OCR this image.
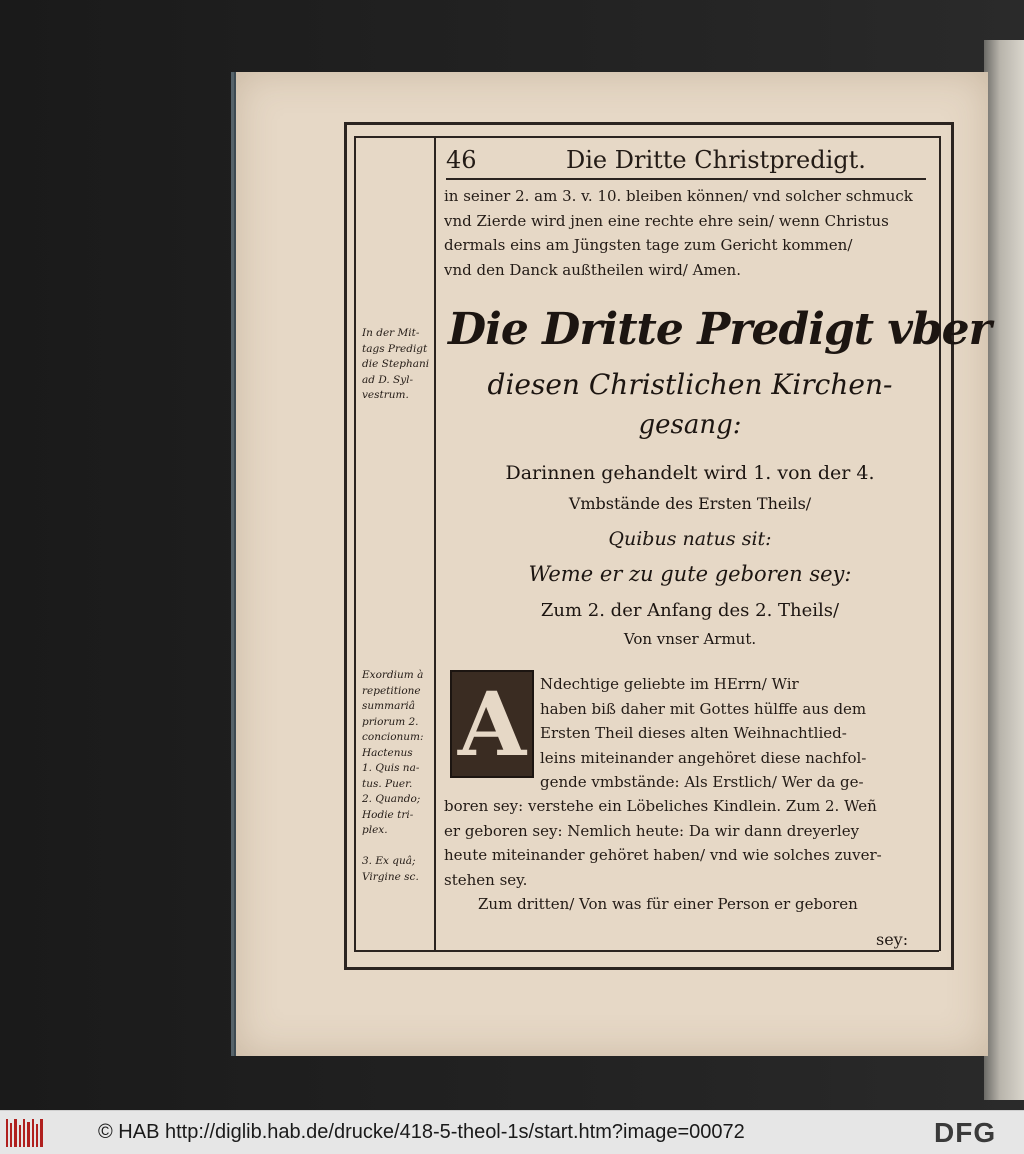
46	Die Dritte Christpredigt.
in seiner 2. am 3. v. 10. bleiben können/ vnd solcher schmuck
vnd Zierde wird jnen eine rechte ehre sein/ wenn Christus
dermals eins am Jüngsten tage zum Gericht kommen/
vnd den Danck außtheilen wird/ Amen.
Die Dritte Predigt vber
diesen Christlichen Kirchen-
gesang:
Darinnen gehandelt wird 1. von der 4.
Vmbstände des Ersten Theils/
Quibus natus sit:
Weme er zu gute geboren sey:
Zum 2. der Anfang des 2. Theils/
Von vnser Armut.
A Ndechtige geliebte im HErrn/ Wir
haben biß daher mit Gottes hülffe aus dem
Ersten Theil dieses alten Weihnachtlied-
leins miteinander angehöret diese nachfol-
gende vmbstände: Als Erstlich/ Wer da ge-
boren sey: verstehe ein Löbeliches Kindlein. Zum 2. Weñ
er geboren sey: Nemlich heute: Da wir dann dreyerley
heute miteinander gehöret haben/ vnd wie solches zuver-
stehen sey.
Zum dritten/ Von was für einer Person er geboren
sey:
In der Mit-
tags Predigt
die Stephani
ad D. Syl-
vestrum.
Exordium à
repetitione
summariâ
priorum 2.
concionum:
Hactenus
1. Quis na-
tus. Puer.
2. Quando;
Hodie tri-
plex.

3. Ex quâ;
Virgine sc.
© HAB http://diglib.hab.de/drucke/418-5-theol-1s/start.htm?image=00072	DFG
